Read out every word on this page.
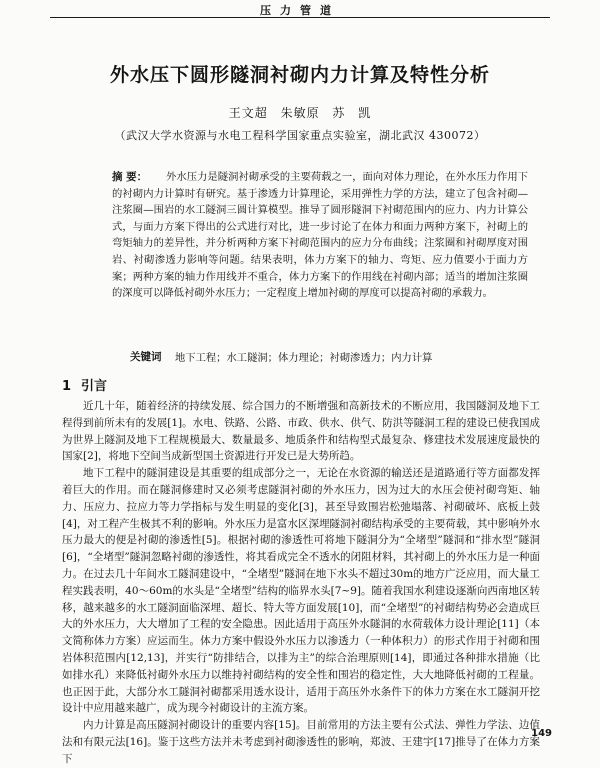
压力管道
外水压下圆形隧洞衬砌内力计算及特性分析
王文超 朱敏原 苏 凯
（武汉大学水资源与水电工程科学国家重点实验室，湖北武汉 430072）
摘 要：	外水压力是隧洞衬砌承受的主要荷载之一，面向对体力理论，在外水压力作用下的衬砌内力计算时有研究。基于渗透力计算理论，采用弹性力学的方法，建立了包含衬砌—注浆圈—围岩的水工隧洞三圆计算模型。推导了圆形隧洞下衬砌范围内的应力、内力计算公式，与面力方案下得出的公式进行对比，进一步讨论了在体力和面力两种方案下，衬砌上的弯矩轴力的差异性，并分析两种方案下衬砌范围内的应力分布曲线；注浆圈和衬砌厚度对围岩、衬砌渗透力影响等问题。结果表明，体力方案下的轴力、弯矩、应力值要小于面力方案；两种方案的轴力作用线并不重合，体力方案下的作用线在衬砌内部；适当的增加注浆圈的深度可以降低衬砌外水压力；一定程度上增加衬砌的厚度可以提高衬砌的承载力。
关键词 地下工程；水工隧洞；体力理论；衬砌渗透力；内力计算
1 引言

近几十年，随着经济的持续发展、综合国力的不断增强和高新技术的不断应用，我国隧洞及地下工程得到前所未有的发展[1]。水电、铁路、公路、市政、供水、供气、防洪等隧洞工程的建设已使我国成为世界上隧洞及地下工程规模最大、数量最多、地质条件和结构型式最复杂、修建技术发展速度最快的国家[2]，将地下空间当成新型国土资源进行开发已是大势所趋。

地下工程中的隧洞建设是其重要的组成部分之一，无论在水资源的输送还是道路通行等方面都发挥着巨大的作用。而在隧洞修建时又必须考虑隧洞衬砌的外水压力，因为过大的水压会使衬砌弯矩、轴力、压应力、拉应力等力学指标与发生明显的变化[3]，甚至导致围岩松弛塌落、衬砌破坏、底板上鼓[4]，对工程产生极其不利的影响。外水压力是富水区深埋隧洞衬砌结构承受的主要荷载，其中影响外水压力最大的便是衬砌的渗透性[5]。根据衬砌的渗透性可将地下隧洞分为“全堵型”隧洞和“排水型”隧洞[6]，“全堵型”隧洞忽略衬砌的渗透性，将其看成完全不透水的闭阻材料，其衬砌上的外水压力是一种面力。在过去几十年间水工隧洞建设中，“全堵型”隧洞在地下水头不超过30m的地方广泛应用，而大量工程实践表明，40～60m的水头是“全堵型”结构的临界水头[7~9]。随着我国水利建设逐渐向西南地区转移，越来越多的水工隧洞面临深埋、超长、特大等方面发展[10]，而“全堵型”的衬砌结构势必会造成巨大的外水压力，大大增加了工程的安全隐患。因此适用于高压外水隧洞的水荷载体力设计理论[11]（本文简称体力方案）应运而生。体力方案中假设外水压力以渗透力（一种体积力）的形式作用于衬砌和围岩体积范围内[12,13]，并实行“防排结合，以排为主”的综合治理原则[14]，即通过各种排水措施（比如排水孔）来降低衬砌外水压力以维持衬砌结构的安全性和围岩的稳定性，大大地降低衬砌的工程量。也正因于此，大部分水工隧洞衬砌都采用透水设计，适用于高压外水条件下的体力方案在水工隧洞开挖设计中应用越来越广，成为现今衬砌设计的主流方案。

内力计算是高压隧洞衬砌设计的重要内容[15]。目前常用的方法主要有公式法、弹性力学法、边值法和有限元法[16]。鉴于这些方法并未考虑到衬砌渗透性的影响，郑波、王建宇[17]推导了在体力方案下

149
